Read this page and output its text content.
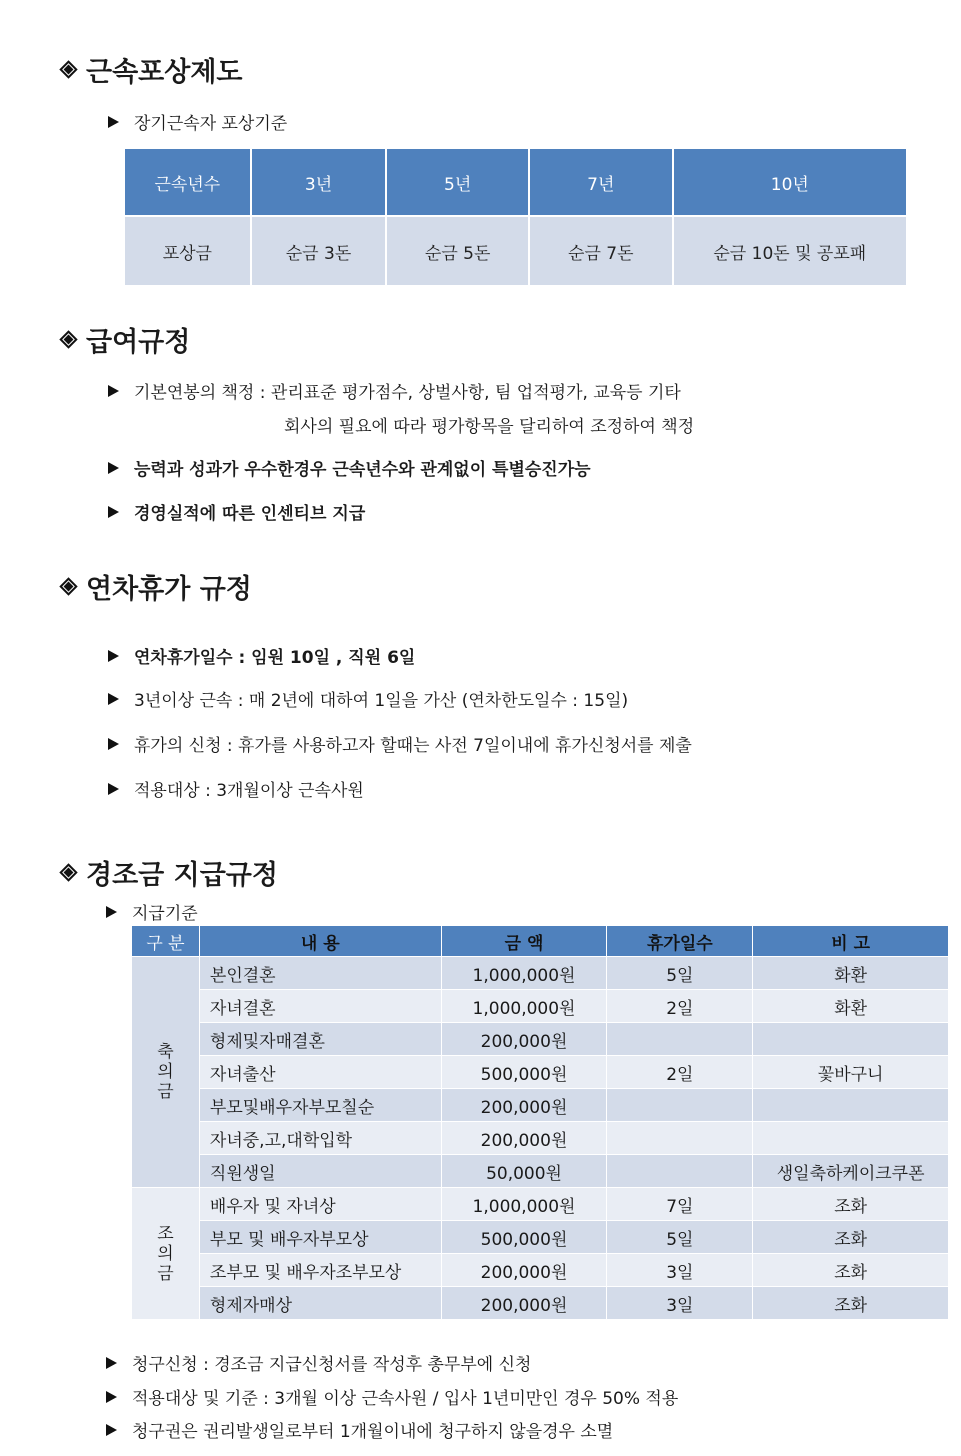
근속포상제도
장기근속자 포상기준
근속년수	3년	5년	7년	10년
포상금	순금 3돈	순금 5돈	순금 7돈	순금 10돈 및 공포패
급여규정
기본연봉의 책정 : 관리표준 평가점수, 상벌사항, 팀 업적평가, 교육등 기타
회사의 필요에 따라 평가항목을 달리하여 조정하여 책정
능력과 성과가 우수한경우 근속년수와 관계없이 특별승진가능
경영실적에 따른 인센티브 지급
연차휴가 규정
연차휴가일수 : 임원 10일 , 직원 6일
3년이상 근속 : 매 2년에 대하여 1일을 가산 (연차한도일수 : 15일)
휴가의 신청 : 휴가를 사용하고자 할때는 사전 7일이내에 휴가신청서를 제출
적용대상 : 3개월이상 근속사원
경조금 지급규정
지급기준
구 분	내 용	금 액	휴가일수	비 고
축
의
금	본인결혼	1,000,000원	5일	화환
	자녀결혼	1,000,000원	2일	화환
	형제및자매결혼	200,000원		
	자녀출산	500,000원	2일	꽃바구니
	부모및배우자부모칠순	200,000원		
	자녀중,고,대학입학	200,000원		
	직원생일	50,000원		생일축하케이크쿠폰
조
의
금	배우자 및 자녀상	1,000,000원	7일	조화
	부모 및 배우자부모상	500,000원	5일	조화
	조부모 및 배우자조부모상	200,000원	3일	조화
	형제자매상	200,000원	3일	조화
청구신청 : 경조금 지급신청서를 작성후 총무부에 신청
적용대상 및 기준 : 3개월 이상 근속사원 / 입사 1년미만인 경우 50% 적용
청구권은 권리발생일로부터 1개월이내에 청구하지 않을경우 소멸
